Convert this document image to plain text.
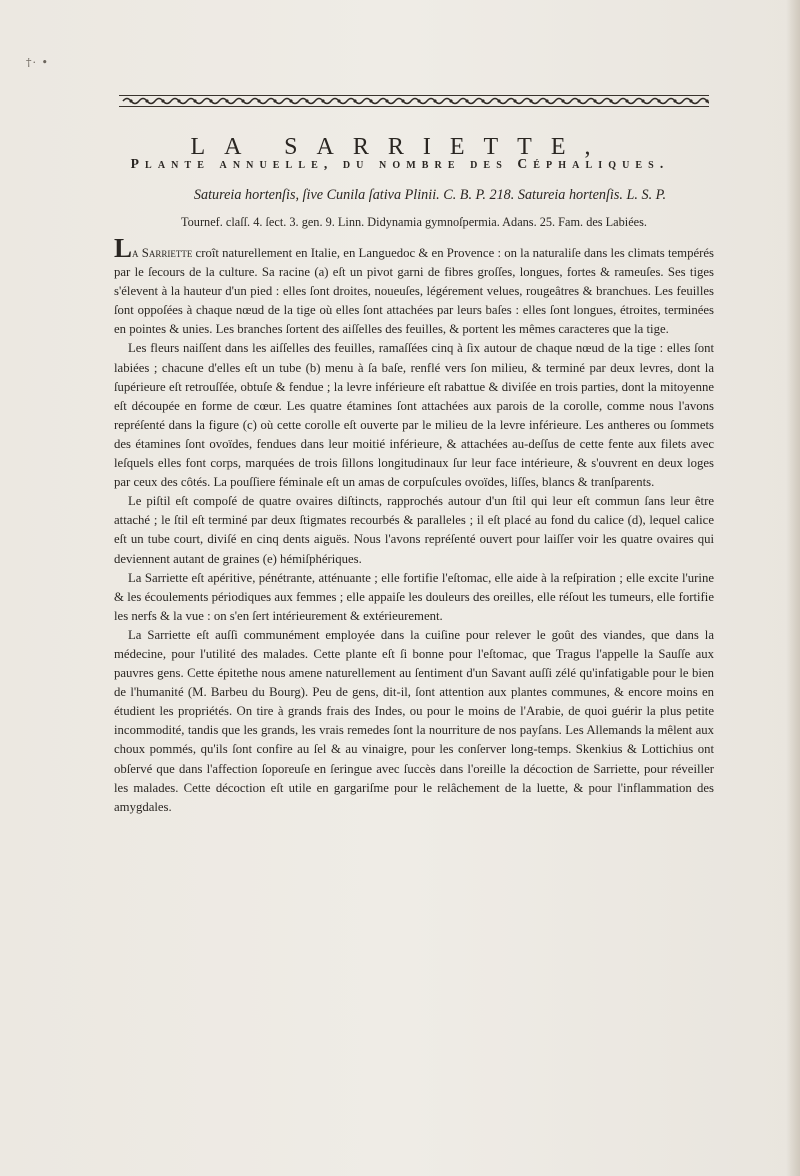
†· •
LA SARRIETTE,
Plante annuelle, du nombre des Céphaliques.
Satureia hortenſis, ſive Cunila ſativa Plinii. C. B. P. 218. Satureia hortenſis. L. S. P.
Tournef. claſſ. 4. ſect. 3. gen. 9. Linn. Didynamia gymnoſpermia. Adans. 25. Fam. des Labiées.

La Sarriette croît naturellement en Italie, en Languedoc & en Provence : on la naturaliſe dans les climats tempérés par le ſecours de la culture. Sa racine (a) eſt un pivot garni de fibres groſſes, longues, fortes & rameuſes. Ses tiges s'élevent à la hauteur d'un pied : elles ſont droites, noueuſes, légérement velues, rougeâtres & branchues. Les feuilles ſont oppoſées à chaque nœud de la tige où elles ſont attachées par leurs baſes : elles ſont longues, étroites, terminées en pointes & unies. Les branches ſortent des aiſſelles des feuilles, & portent les mêmes caracteres que la tige.

Les fleurs naiſſent dans les aiſſelles des feuilles, ramaſſées cinq à ſix autour de chaque nœud de la tige : elles ſont labiées ; chacune d'elles eſt un tube (b) menu à ſa baſe, renflé vers ſon milieu, & terminé par deux levres, dont la ſupérieure eſt retrouſſée, obtuſe & fendue ; la levre inférieure eſt rabattue & diviſée en trois parties, dont la mitoyenne eſt découpée en forme de cœur. Les quatre étamines ſont attachées aux parois de la corolle, comme nous l'avons repréſenté dans la figure (c) où cette corolle eſt ouverte par le milieu de la levre inférieure. Les antheres ou ſommets des étamines ſont ovoïdes, fendues dans leur moitié inférieure, & attachées au-deſſus de cette fente aux filets avec leſquels elles font corps, marquées de trois ſillons longitudinaux ſur leur face intérieure, & s'ouvrent en deux loges par ceux des côtés. La pouſſiere féminale eſt un amas de corpuſcules ovoïdes, liſſes, blancs & tranſparents.

Le piſtil eſt compoſé de quatre ovaires diſtincts, rapprochés autour d'un ſtil qui leur eſt commun ſans leur être attaché ; le ſtil eſt terminé par deux ſtigmates recourbés & paralleles ; il eſt placé au fond du calice (d), lequel calice eſt un tube court, diviſé en cinq dents aiguës. Nous l'avons repréſenté ouvert pour laiſſer voir les quatre ovaires qui deviennent autant de graines (e) hémiſphériques.

La Sarriette eſt apéritive, pénétrante, atténuante ; elle fortifie l'eſtomac, elle aide à la reſpiration ; elle excite l'urine & les écoulements périodiques aux femmes ; elle appaiſe les douleurs des oreilles, elle réſout les tumeurs, elle fortifie les nerfs & la vue : on s'en ſert intérieurement & extérieurement.

La Sarriette eſt auſſi communément employée dans la cuiſine pour relever le goût des viandes, que dans la médecine, pour l'utilité des malades. Cette plante eſt ſi bonne pour l'eſtomac, que Tragus l'appelle la Sauſſe aux pauvres gens. Cette épitethe nous amene naturellement au ſentiment d'un Savant auſſi zélé qu'infatigable pour le bien de l'humanité (M. Barbeu du Bourg). Peu de gens, dit-il, ſont attention aux plantes communes, & encore moins en étudient les propriétés. On tire à grands frais des Indes, ou pour le moins de l'Arabie, de quoi guérir la plus petite incommodité, tandis que les grands, les vrais remedes ſont la nourriture de nos payſans. Les Allemands la mêlent aux choux pommés, qu'ils ſont confire au ſel & au vinaigre, pour les conſerver long-temps. Skenkius & Lottichius ont obſervé que dans l'affection ſoporeuſe en ſeringue avec ſuccès dans l'oreille la décoction de Sarriette, pour réveiller les malades. Cette décoction eſt utile en gargariſme pour le relâchement de la luette, & pour l'inflammation des amygdales.
